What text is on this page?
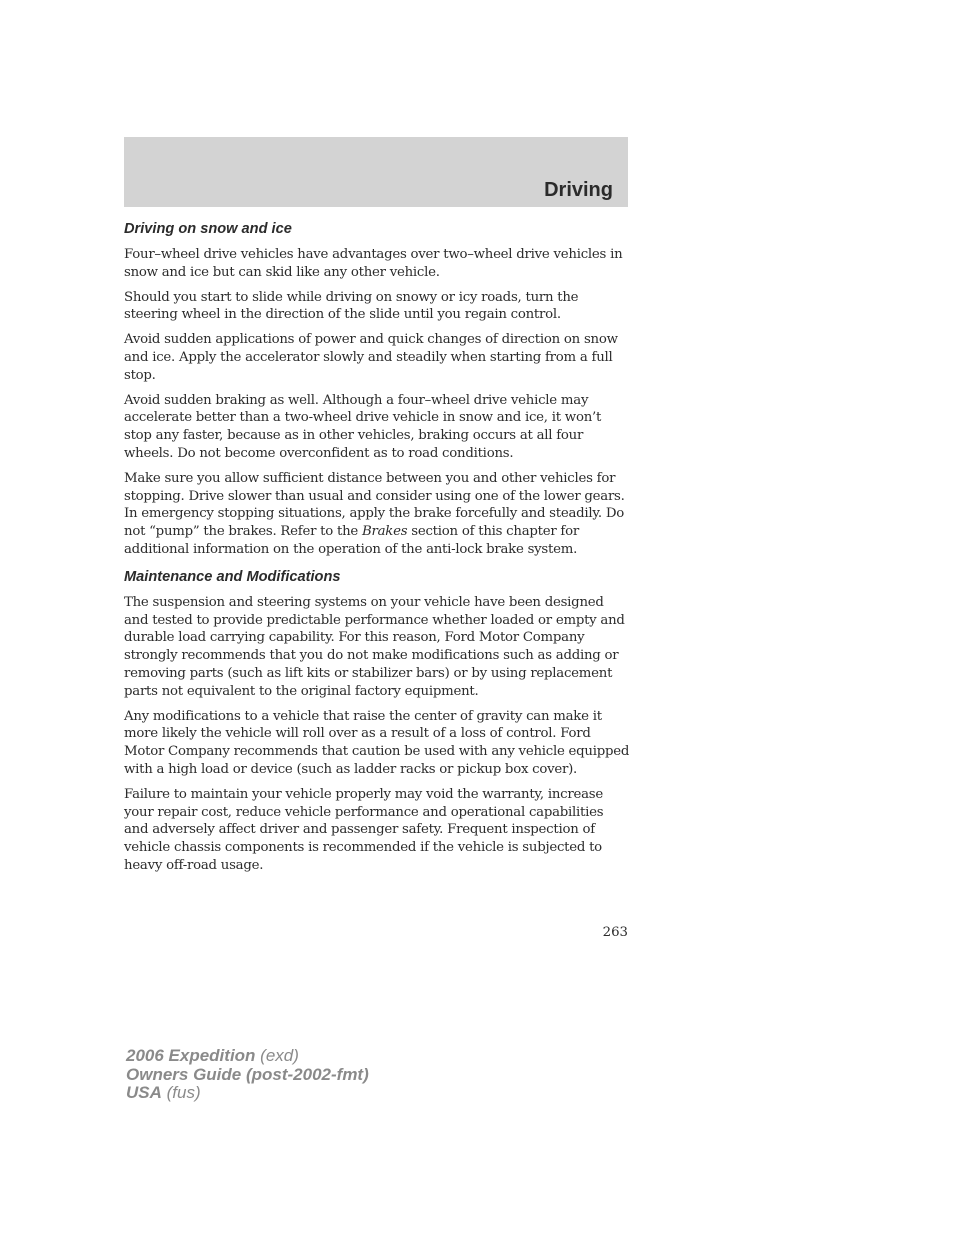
Driving
Driving on snow and ice

Four–wheel drive vehicles have advantages over two–wheel drive vehicles in snow and ice but can skid like any other vehicle.

Should you start to slide while driving on snowy or icy roads, turn the steering wheel in the direction of the slide until you regain control.

Avoid sudden applications of power and quick changes of direction on snow and ice. Apply the accelerator slowly and steadily when starting from a full stop.

Avoid sudden braking as well. Although a four–wheel drive vehicle may accelerate better than a two-wheel drive vehicle in snow and ice, it won’t stop any faster, because as in other vehicles, braking occurs at all four wheels. Do not become overconfident as to road conditions.

Make sure you allow sufficient distance between you and other vehicles for stopping. Drive slower than usual and consider using one of the lower gears. In emergency stopping situations, apply the brake forcefully and steadily. Do not “pump” the brakes. Refer to the Brakes section of this chapter for additional information on the operation of the anti-lock brake system.

Maintenance and Modifications

The suspension and steering systems on your vehicle have been designed and tested to provide predictable performance whether loaded or empty and durable load carrying capability. For this reason, Ford Motor Company strongly recommends that you do not make modifications such as adding or removing parts (such as lift kits or stabilizer bars) or by using replacement parts not equivalent to the original factory equipment.

Any modifications to a vehicle that raise the center of gravity can make it more likely the vehicle will roll over as a result of a loss of control. Ford Motor Company recommends that caution be used with any vehicle equipped with a high load or device (such as ladder racks or pickup box cover).

Failure to maintain your vehicle properly may void the warranty, increase your repair cost, reduce vehicle performance and operational capabilities and adversely affect driver and passenger safety. Frequent inspection of vehicle chassis components is recommended if the vehicle is subjected to heavy off-road usage.

263
2006 Expedition (exd)
Owners Guide (post-2002-fmt)
USA (fus)
